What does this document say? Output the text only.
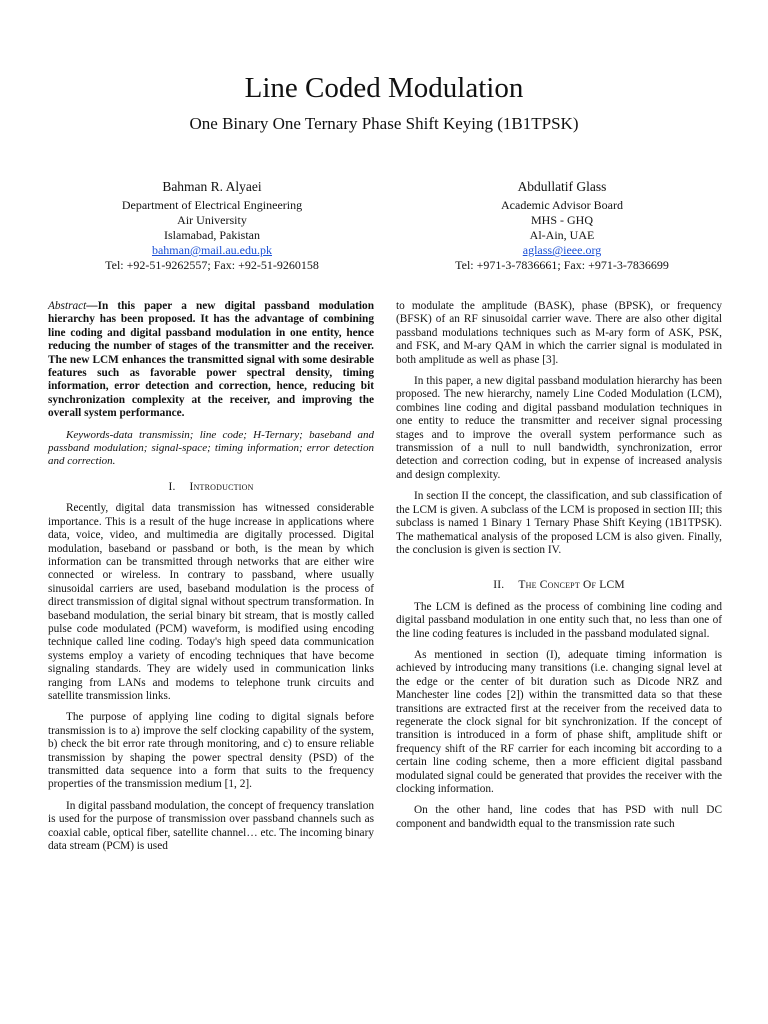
Line Coded Modulation
One Binary One Ternary Phase Shift Keying (1B1TPSK)
Bahman R. Alyaei
Department of Electrical Engineering
Air University
Islamabad, Pakistan
bahman@mail.au.edu.pk
Tel: +92-51-9262557; Fax: +92-51-9260158
Abdullatif Glass
Academic Advisor Board
MHS - GHQ
Al-Ain, UAE
aglass@ieee.org
Tel: +971-3-7836661; Fax: +971-3-7836699

Abstract—In this paper a new digital passband modulation hierarchy has been proposed. It has the advantage of combining line coding and digital passband modulation in one entity, hence reducing the number of stages of the transmitter and the receiver. The new LCM enhances the transmitted signal with some desirable features such as favorable power spectral density, timing information, error detection and correction, hence, reducing bit synchronization complexity at the receiver, and improving the overall system performance.

Keywords-data transmissin; line code; H-Ternary; baseband and passband modulation; signal-space; timing information; error detection and correction.

I. Introduction

Recently, digital data transmission has witnessed considerable importance. This is a result of the huge increase in applications where data, voice, video, and multimedia are digitally processed. Digital modulation, baseband or passband or both, is the mean by which information can be transmitted through networks that are either wire connected or wireless. In contrary to passband, where usually sinusoidal carriers are used, baseband modulation is the process of direct transmission of digital signal without spectrum transformation. In baseband modulation, the serial binary bit stream, that is mostly called pulse code modulated (PCM) waveform, is modified using encoding technique called line coding. Today's high speed data communication systems employ a variety of encoding techniques that have become signaling standards. They are widely used in communication links ranging from LANs and modems to telephone trunk circuits and satellite transmission links.

The purpose of applying line coding to digital signals before transmission is to a) improve the self clocking capability of the system, b) check the bit error rate through monitoring, and c) to ensure reliable transmission by shaping the power spectral density (PSD) of the transmitted data sequence into a form that suits to the frequency properties of the transmission medium [1, 2].

In digital passband modulation, the concept of frequency translation is used for the purpose of transmission over passband channels such as coaxial cable, optical fiber, satellite channel… etc. The incoming binary data stream (PCM) is used

to modulate the amplitude (BASK), phase (BPSK), or frequency (BFSK) of an RF sinusoidal carrier wave. There are also other digital passband modulations techniques such as M-ary form of ASK, PSK, and FSK, and M-ary QAM in which the carrier signal is modulated in both amplitude as well as phase [3].

In this paper, a new digital passband modulation hierarchy has been proposed. The new hierarchy, namely Line Coded Modulation (LCM), combines line coding and digital passband modulation techniques in one entity to reduce the transmitter and receiver signal processing stages and to improve the overall system performance such as transmission of a null to null bandwidth, synchronization, error detection and correction coding, but in expense of increased analysis and design complexity.

In section II the concept, the classification, and sub classification of the LCM is given. A subclass of the LCM is proposed in section III; this subclass is named 1 Binary 1 Ternary Phase Shift Keying (1B1TPSK). The mathematical analysis of the proposed LCM is also given. Finally, the conclusion is given is section IV.

II. The Concept Of LCM

The LCM is defined as the process of combining line coding and digital passband modulation in one entity such that, no less than one of the line coding features is included in the passband modulated signal.

As mentioned in section (I), adequate timing information is achieved by introducing many transitions (i.e. changing signal level at the edge or the center of bit duration such as Dicode NRZ and Manchester line codes [2]) within the transmitted data so that these transitions are extracted first at the receiver from the received data to regenerate the clock signal for bit synchronization. If the concept of transition is introduced in a form of phase shift, amplitude shift or frequency shift of the RF carrier for each incoming bit according to a certain line coding scheme, then a more efficient digital passband modulated signal could be generated that provides the receiver with the clocking information.

On the other hand, line codes that has PSD with null DC component and bandwidth equal to the transmission rate such
